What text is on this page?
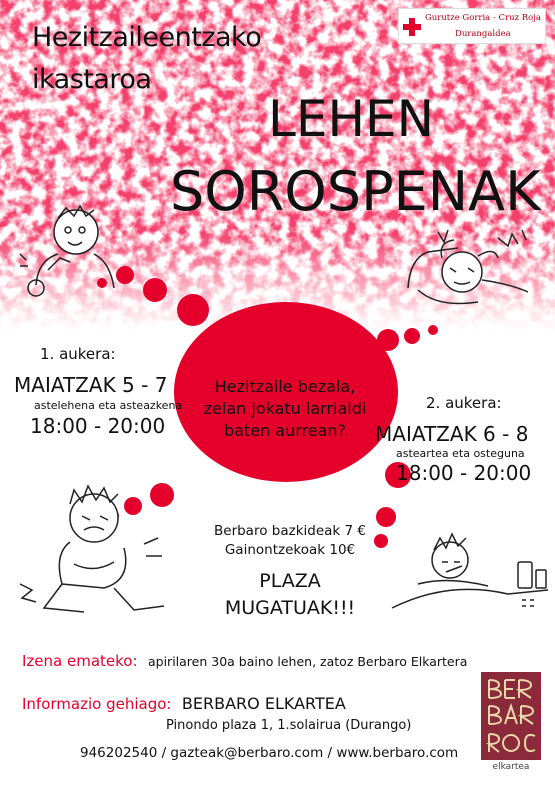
Hezitzaileentzako
ikastaroa
LEHEN
SOROSPENAK
Gurutze Gorria - Cruz Roja
Durangaldea
Hezitzaile bezala,
zelan jokatu larrialdi
baten aurrean?
1. aukera:
MAIATZAK 5 - 7
astelehena eta asteazkena
18:00 - 20:00
2. aukera:
MAIATZAK 6 - 8
astearteа eta osteguna
18:00 - 20:00
Berbaro bazkideak 7 €
Gainontzekoak 10€
PLAZA
MUGATUAK!!!
Izena emateko: apirilaren 30a baino lehen, zatoz Berbaro Elkartera
Informazio gehiago: BERBARO ELKARTEA
Pinondo plaza 1, 1.solairua (Durango)
946202540 / gazteak@berbaro.com / www.berbaro.com
elkartea
